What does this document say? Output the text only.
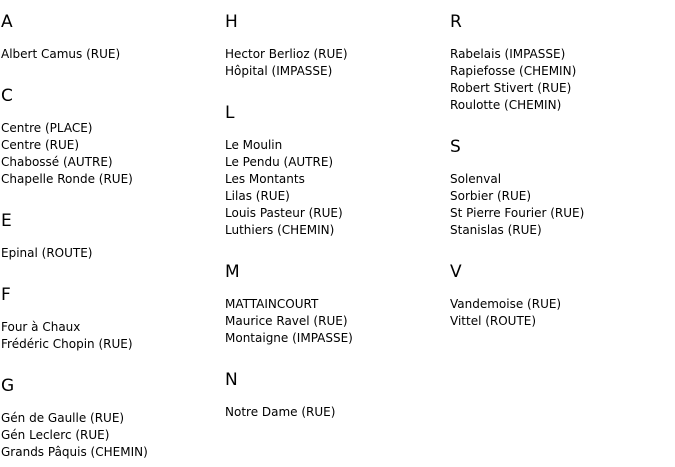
A
Albert Camus (RUE)
C
Centre (PLACE)
Centre (RUE)
Chabossé (AUTRE)
Chapelle Ronde (RUE)
E
Epinal (ROUTE)
F
Four à Chaux
Frédéric Chopin (RUE)
G
Gén de Gaulle (RUE)
Gén Leclerc (RUE)
Grands Pâquis (CHEMIN)
H
Hector Berlioz (RUE)
Hôpital (IMPASSE)
L
Le Moulin
Le Pendu (AUTRE)
Les Montants
Lilas (RUE)
Louis Pasteur (RUE)
Luthiers (CHEMIN)
M
MATTAINCOURT
Maurice Ravel (RUE)
Montaigne (IMPASSE)
N
Notre Dame (RUE)
R
Rabelais (IMPASSE)
Rapiefosse (CHEMIN)
Robert Stivert (RUE)
Roulotte (CHEMIN)
S
Solenval
Sorbier (RUE)
St Pierre Fourier (RUE)
Stanislas (RUE)
V
Vandemoise (RUE)
Vittel (ROUTE)
